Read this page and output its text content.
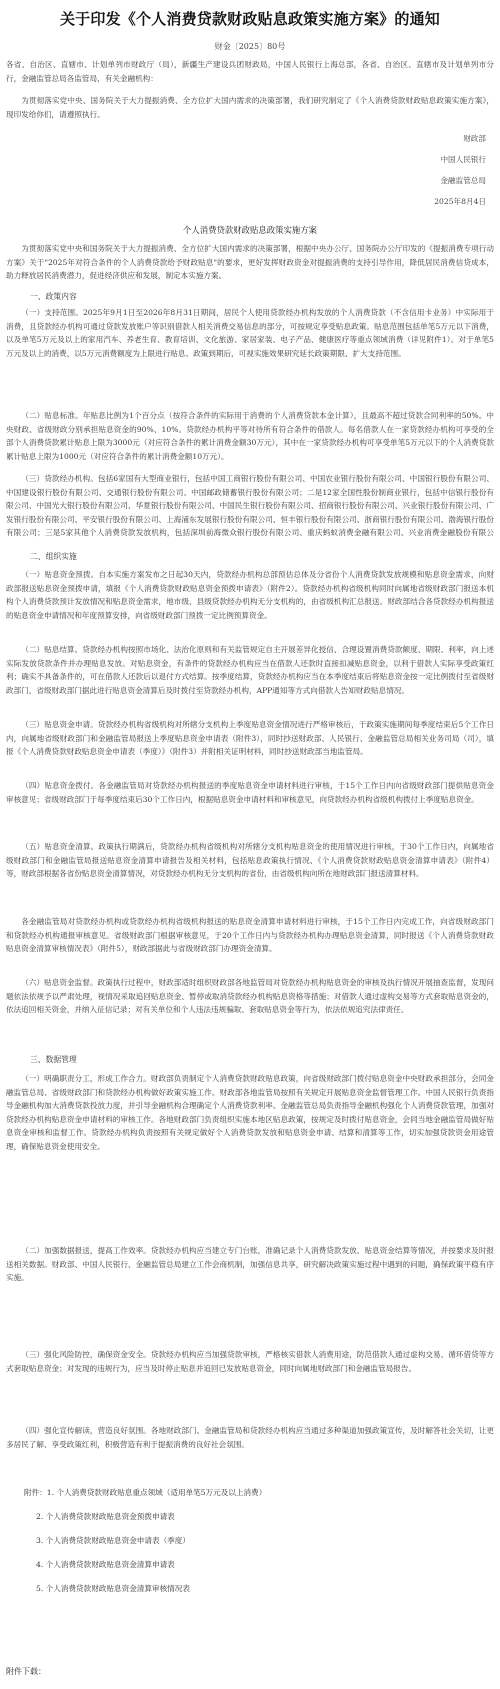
关于印发《个人消费贷款财政贴息政策实施方案》的通知
财金〔2025〕80号
各省、自治区、直辖市、计划单列市财政厅（局），新疆生产建设兵团财政局，中国人民银行上海总部，各省、自治区、直辖市及计划单列市分行，金融监管总局各监管局，有关金融机构：
为贯彻落实党中央、国务院关于大力提振消费、全方位扩大国内需求的决策部署，我们研究制定了《个人消费贷款财政贴息政策实施方案》，现印发给你们，请遵照执行。
财政部
中国人民银行
金融监管总局
2025年8月4日
个人消费贷款财政贴息政策实施方案
为贯彻落实党中央和国务院关于大力提振消费、全方位扩大国内需求的决策部署，根据中央办公厅、国务院办公厅印发的《提振消费专项行动方案》关于"2025年对符合条件的个人消费贷款给予财政贴息"的要求，更好发挥财政资金对提振消费的支持引导作用，降低居民消费信贷成本，助力释放居民消费潜力，促进经济供应和发展，制定本实施方案。
一、政策内容
（一）支持范围。2025年9月1日至2026年8月31日期间，居民个人使用贷款经办机构发放的个人消费贷款（不含信用卡业务）中实际用于消费，且贷款经办机构可通过贷款发放账户等识别借款人相关消费交易信息的部分，可按规定享受贴息政策。贴息范围包括单笔5万元以下消费，以及单笔5万元及以上的家用汽车、养老生育、教育培训、文化旅游、家居家装、电子产品、健康医疗等重点领域消费（详见附件1）。对于单笔5万元及以上的消费，以5万元消费额度为上限进行贴息。政策到期后，可视实施效果研究延长政策期限、扩大支持范围。
（二）贴息标准。年贴息比例为1个百分点（按符合条件的实际用于消费的个人消费贷款本金计算），且最高不超过贷款合同利率的50%。中央财政、省级财政分别承担贴息资金的90%、10%。贷款经办机构平等对待所有符合条件的借款人。每名借款人在一家贷款经办机构可享受的全部个人消费贷款累计贴息上限为3000元（对应符合条件的累计消费金额30万元），其中在一家贷款经办机构可享受单笔5万元以下的个人消费贷款累计贴息上限为1000元（对应符合条件的累计消费金额10万元）。
（三）贷款经办机构。包括6家国有大型商业银行，包括中国工商银行股份有限公司、中国农业银行股份有限公司、中国银行股份有限公司、中国建设银行股份有限公司、交通银行股份有限公司、中国邮政储蓄银行股份有限公司；二是12家全国性股份制商业银行，包括中信银行股份有限公司、中国光大银行股份有限公司、华夏银行股份有限公司、中国民生银行股份有限公司、招商银行股份有限公司、兴业银行股份有限公司、广发银行股份有限公司、平安银行股份有限公司、上海浦东发展银行股份有限公司、恒丰银行股份有限公司、浙商银行股份有限公司、渤海银行股份有限公司；三是5家其他个人消费贷款发放机构，包括深圳前海微众银行股份有限公司、重庆蚂蚁消费金融有限公司、兴业消费金融股份有限公
二、组织实施
（一）贴息资金预拨。自本实施方案发布之日起30天内，贷款经办机构总部预估总体及分省份个人消费贷款发放规模和贴息资金需求，向财政部报送贴息资金预拨申请，填报《个人消费贷款财政贴息资金预拨申请表》（附件2）。贷款经办机构省级机构同时向属地省级财政部门报送本机构个人消费贷款预计发放情况和贴息资金需求，地市级、县级贷款经办机构无分支机构的，由省级机构汇总报送。财政部结合各贷款经办机构报送的贴息资金申请情况和年度预算安排，向省级财政部门预拨一定比例预算资金。
（二）贴息结算。贷款经办机构按照市场化、法治化原则和有关监管规定自主开展差异化授信、合理设置消费贷款额度、期限、利率，向上述实际发放贷款条件并办理贴息发放。对贴息资金，有条件的贷款经办机构应当在借款人还款时直接扣减贴息资金，以利于借款人实际享受政策红利；确实不具备条件的，可在借款人还款后以退付方式结算。按季度结算，贷款经办机构应当在本季度结束后将贴息资金按一定比例拨付至省级财政部门，省级财政部门据此进行贴息资金清算后及时拨付至贷款经办机构，APP通知等方式向借款人告知财政贴息情况。
（三）贴息资金申请。贷款经办机构省级机构对所辖分支机构上季度贴息资金情况进行严格审核后，于政策实施期间每季度结束后5个工作日内，向属地省级财政部门和金融监管局报送上季度贴息资金申请表（附件3），同时抄送财政部、人民银行、金融监管总局相关业务司局（司），填报《个人消费贷款财政贴息资金申请表（季度）》（附件3）并附相关证明材料，同时抄送财政部当地监管局。
（四）贴息资金拨付。各金融监管局对贷款经办机构报送的季度贴息资金申请材料进行审核，于15个工作日内向省级财政部门提供贴息资金审核意见；省级财政部门于每季度结束后30个工作日内，根据贴息资金申请材料和审核意见，向贷款经办机构省级机构拨付上季度贴息资金。
（五）贴息资金清算。政策执行期满后，贷款经办机构省级机构对所辖分支机构贴息资金的使用情况进行审核，于30个工作日内，向属地省级财政部门和金融监管局报送贴息资金清算申请报告及相关材料，包括贴息政策执行情况、《个人消费贷款财政贴息资金清算申请表》（附件4）等，财政部根据各省份贴息资金清算情况，对贷款经办机构无分支机构的省份，由省级机构向所在地财政部门报送清算材料。
各金融监管局对贷款经办机构或贷款经办机构省级机构报送的贴息资金清算申请材料进行审核，于15个工作日内完成工作，向省级财政部门和贷款经办机构通报审核意见。省级财政部门根据审核意见，于20个工作日内与贷款经办机构办理贴息资金清算，同时报送《个人消费贷款财政贴息资金清算审核情况表》（附件5），财政部据此与省级财政部门办理资金清算。
（六）贴息资金监督。政策执行过程中，财政部适时组织财政部各地监管局对贷款经办机构贴息资金的审核及执行情况开展抽查监督，发现问题依法依规予以严肃处理，视情况采取追回贴息资金、暂停或取消贷款经办机构贴息资格等措施；对借款人通过虚构交易等方式套取贴息资金的，依法追回相关资金，并纳入征信记录；对有关单位和个人违法违规骗取、套取贴息资金等行为，依法依规追究法律责任。
三、数据管理
（一）明确职责分工，形成工作合力。财政部负责制定个人消费贷款财政贴息政策，向省级财政部门拨付贴息资金中央财政承担部分，会同金融监管总局、省级财政部门和贷款经办机构做好政策实施工作。财政部各地监管局按照有关规定开展贴息资金监督管理工作。中国人民银行负责指导金融机构加大消费贷款投放力度，并引导金融机构合理确定个人消费贷款利率。金融监管总局负责指导金融机构强化个人消费贷款管理，加强对贷款经办机构贴息资金申请材料的审核工作。各地财政部门负责组织实施本地区贴息政策，按规定及时拨付贴息资金，会同当地金融监管局做好贴息资金审核和监督工作。贷款经办机构负责按照有关规定做好个人消费贷款发放和贴息资金申请、结算和清算等工作，切实加强贷款资金用途管理，确保贴息资金使用安全。
（二）加强数据报送，提高工作效率。贷款经办机构应当建立专门台账，准确记录个人消费贷款发放、贴息资金结算等情况，并按要求及时报送相关数据。财政部、中国人民银行、金融监管总局建立工作会商机制，加强信息共享，研究解决政策实施过程中遇到的问题，确保政策平稳有序实施。
（三）强化风险防控，确保资金安全。贷款经办机构应当加强贷款审核，严格核实借款人消费用途，防范借款人通过虚构交易、循环借贷等方式套取贴息资金；对发现的违规行为，应当及时停止贴息并追回已发放贴息资金，同时向属地财政部门和金融监管局报告。
（四）强化宣传解读，营造良好氛围。各地财政部门、金融监管局和贷款经办机构应当通过多种渠道加强政策宣传，及时解答社会关切，让更多居民了解、享受政策红利，积极营造有利于提振消费的良好社会氛围。
附件：1. 个人消费贷款财政贴息重点领域（适用单笔5万元及以上消费）
2. 个人消费贷款财政贴息资金预拨申请表
3. 个人消费贷款财政贴息资金申请表（季度）
4. 个人消费贷款财政贴息资金清算申请表
5. 个人消费贷款财政贴息资金清算审核情况表
附件下载：
